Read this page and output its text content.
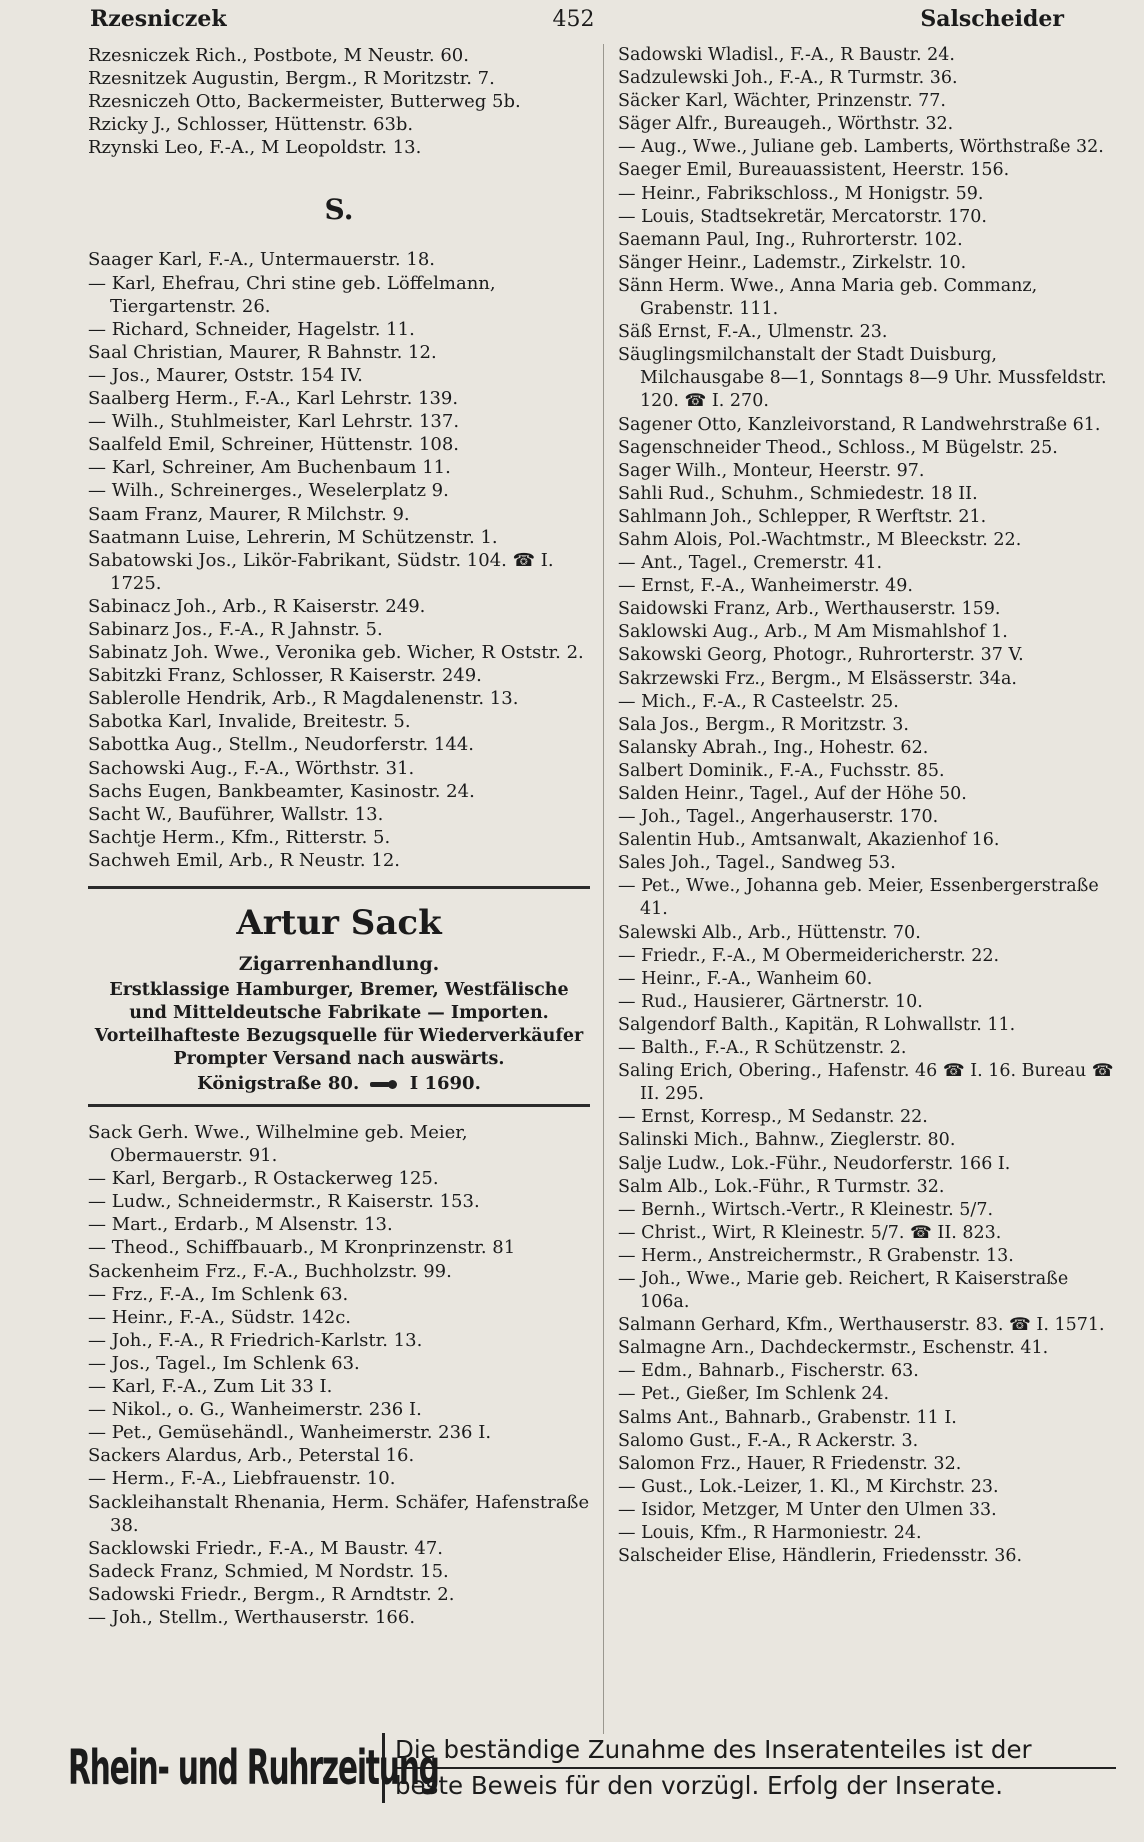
Rzesniczek	452	Salscheider

Rzesniczek Rich., Postbote, M Neustr. 60.

Rzesnitzek Augustin, Bergm., R Moritzstr. 7.

Rzesniczeh Otto, Backermeister, Butterweg 5b.

Rzicky J., Schlosser, Hüttenstr. 63b.

Rzynski Leo, F.-A., M Leopoldstr. 13.

S.

Saager Karl, F.-A., Untermauerstr. 18.

— Karl, Ehefrau, Chri stine geb. Löffelmann, Tiergartenstr. 26.

— Richard, Schneider, Hagelstr. 11.

Saal Christian, Maurer, R Bahnstr. 12.

— Jos., Maurer, Oststr. 154 IV.

Saalberg Herm., F.-A., Karl Lehrstr. 139.

— Wilh., Stuhlmeister, Karl Lehrstr. 137.

Saalfeld Emil, Schreiner, Hüttenstr. 108.

— Karl, Schreiner, Am Buchenbaum 11.

— Wilh., Schreinerges., Weselerplatz 9.

Saam Franz, Maurer, R Milchstr. 9.

Saatmann Luise, Lehrerin, M Schützenstr. 1.

Sabatowski Jos., Likör-Fabrikant, Südstr. 104. ☎ I. 1725.

Sabinacz Joh., Arb., R Kaiserstr. 249.

Sabinarz Jos., F.-A., R Jahnstr. 5.

Sabinatz Joh. Wwe., Veronika geb. Wicher, R Oststr. 2.

Sabitzki Franz, Schlosser, R Kaiserstr. 249.

Sablerolle Hendrik, Arb., R Magdalenenstr. 13.

Sabotka Karl, Invalide, Breitestr. 5.

Sabottka Aug., Stellm., Neudorferstr. 144.

Sachowski Aug., F.-A., Wörthstr. 31.

Sachs Eugen, Bankbeamter, Kasinostr. 24.

Sacht W., Bauführer, Wallstr. 13.

Sachtje Herm., Kfm., Ritterstr. 5.

Sachweh Emil, Arb., R Neustr. 12.

Artur Sack
Zigarrenhandlung.

Erstklassige Hamburger, Bremer, Westfälische

und Mitteldeutsche Fabrikate — Importen.

Vorteilhafteste Bezugsquelle für Wiederverkäufer

Prompter Versand nach auswärts.

Königstraße 80.	I 1690.

Sack Gerh. Wwe., Wilhelmine geb. Meier, Obermauerstr. 91.

— Karl, Bergarb., R Ostackerweg 125.

— Ludw., Schneidermstr., R Kaiserstr. 153.

— Mart., Erdarb., M Alsenstr. 13.

— Theod., Schiffbauarb., M Kronprinzenstr. 81

Sackenheim Frz., F.-A., Buchholzstr. 99.

— Frz., F.-A., Im Schlenk 63.

— Heinr., F.-A., Südstr. 142c.

— Joh., F.-A., R Friedrich-Karlstr. 13.

— Jos., Tagel., Im Schlenk 63.

— Karl, F.-A., Zum Lit 33 I.

— Nikol., o. G., Wanheimerstr. 236 I.

— Pet., Gemüsehändl., Wanheimerstr. 236 I.

Sackers Alardus, Arb., Peterstal 16.

— Herm., F.-A., Liebfrauenstr. 10.

Sackleihanstalt Rhenania, Herm. Schäfer, Hafenstraße 38.

Sacklowski Friedr., F.-A., M Baustr. 47.

Sadeck Franz, Schmied, M Nordstr. 15.

Sadowski Friedr., Bergm., R Arndtstr. 2.

— Joh., Stellm., Werthauserstr. 166.

Sadowski Wladisl., F.-A., R Baustr. 24.

Sadzulewski Joh., F.-A., R Turmstr. 36.

Säcker Karl, Wächter, Prinzenstr. 77.

Säger Alfr., Bureaugeh., Wörthstr. 32.

— Aug., Wwe., Juliane geb. Lamberts, Wörthstraße 32.

Saeger Emil, Bureauassistent, Heerstr. 156.

— Heinr., Fabrikschloss., M Honigstr. 59.

— Louis, Stadtsekretär, Mercatorstr. 170.

Saemann Paul, Ing., Ruhrorterstr. 102.

Sänger Heinr., Lademstr., Zirkelstr. 10.

Sänn Herm. Wwe., Anna Maria geb. Commanz, Grabenstr. 111.

Säß Ernst, F.-A., Ulmenstr. 23.

Säuglingsmilchanstalt der Stadt Duisburg, Milchausgabe 8—1, Sonntags 8—9 Uhr. Mussfeldstr. 120. ☎ I. 270.

Sagener Otto, Kanzleivorstand, R Landwehrstraße 61.

Sagenschneider Theod., Schloss., M Bügelstr. 25.

Sager Wilh., Monteur, Heerstr. 97.

Sahli Rud., Schuhm., Schmiedestr. 18 II.

Sahlmann Joh., Schlepper, R Werftstr. 21.

Sahm Alois, Pol.-Wachtmstr., M Bleeckstr. 22.

— Ant., Tagel., Cremerstr. 41.

— Ernst, F.-A., Wanheimerstr. 49.

Saidowski Franz, Arb., Werthauserstr. 159.

Saklowski Aug., Arb., M Am Mismahlshof 1.

Sakowski Georg, Photogr., Ruhrorterstr. 37 V.

Sakrzewski Frz., Bergm., M Elsässerstr. 34a.

— Mich., F.-A., R Casteelstr. 25.

Sala Jos., Bergm., R Moritzstr. 3.

Salansky Abrah., Ing., Hohestr. 62.

Salbert Dominik., F.-A., Fuchsstr. 85.

Salden Heinr., Tagel., Auf der Höhe 50.

— Joh., Tagel., Angerhauserstr. 170.

Salentin Hub., Amtsanwalt, Akazienhof 16.

Sales Joh., Tagel., Sandweg 53.

— Pet., Wwe., Johanna geb. Meier, Essenbergerstraße 41.

Salewski Alb., Arb., Hüttenstr. 70.

— Friedr., F.-A., M Obermeidericherstr. 22.

— Heinr., F.-A., Wanheim 60.

— Rud., Hausierer, Gärtnerstr. 10.

Salgendorf Balth., Kapitän, R Lohwallstr. 11.

— Balth., F.-A., R Schützenstr. 2.

Saling Erich, Obering., Hafenstr. 46 ☎ I. 16. Bureau ☎ II. 295.

— Ernst, Korresp., M Sedanstr. 22.

Salinski Mich., Bahnw., Zieglerstr. 80.

Salje Ludw., Lok.-Führ., Neudorferstr. 166 I.

Salm Alb., Lok.-Führ., R Turmstr. 32.

— Bernh., Wirtsch.-Vertr., R Kleinestr. 5/7.

— Christ., Wirt, R Kleinestr. 5/7. ☎ II. 823.

— Herm., Anstreichermstr., R Grabenstr. 13.

— Joh., Wwe., Marie geb. Reichert, R Kaiserstraße 106a.

Salmann Gerhard, Kfm., Werthauserstr. 83. ☎ I. 1571.

Salmagne Arn., Dachdeckermstr., Eschenstr. 41.

— Edm., Bahnarb., Fischerstr. 63.

— Pet., Gießer, Im Schlenk 24.

Salms Ant., Bahnarb., Grabenstr. 11 I.

Salomo Gust., F.-A., R Ackerstr. 3.

Salomon Frz., Hauer, R Friedenstr. 32.

— Gust., Lok.-Leizer, 1. Kl., M Kirchstr. 23.

— Isidor, Metzger, M Unter den Ulmen 33.

— Louis, Kfm., R Harmoniestr. 24.

Salscheider Elise, Händlerin, Friedensstr. 36.

Rhein- und Ruhrzeitung

Die beständige Zunahme des Inseratenteiles ist der

beste Beweis für den vorzügl. Erfolg der Inserate.
